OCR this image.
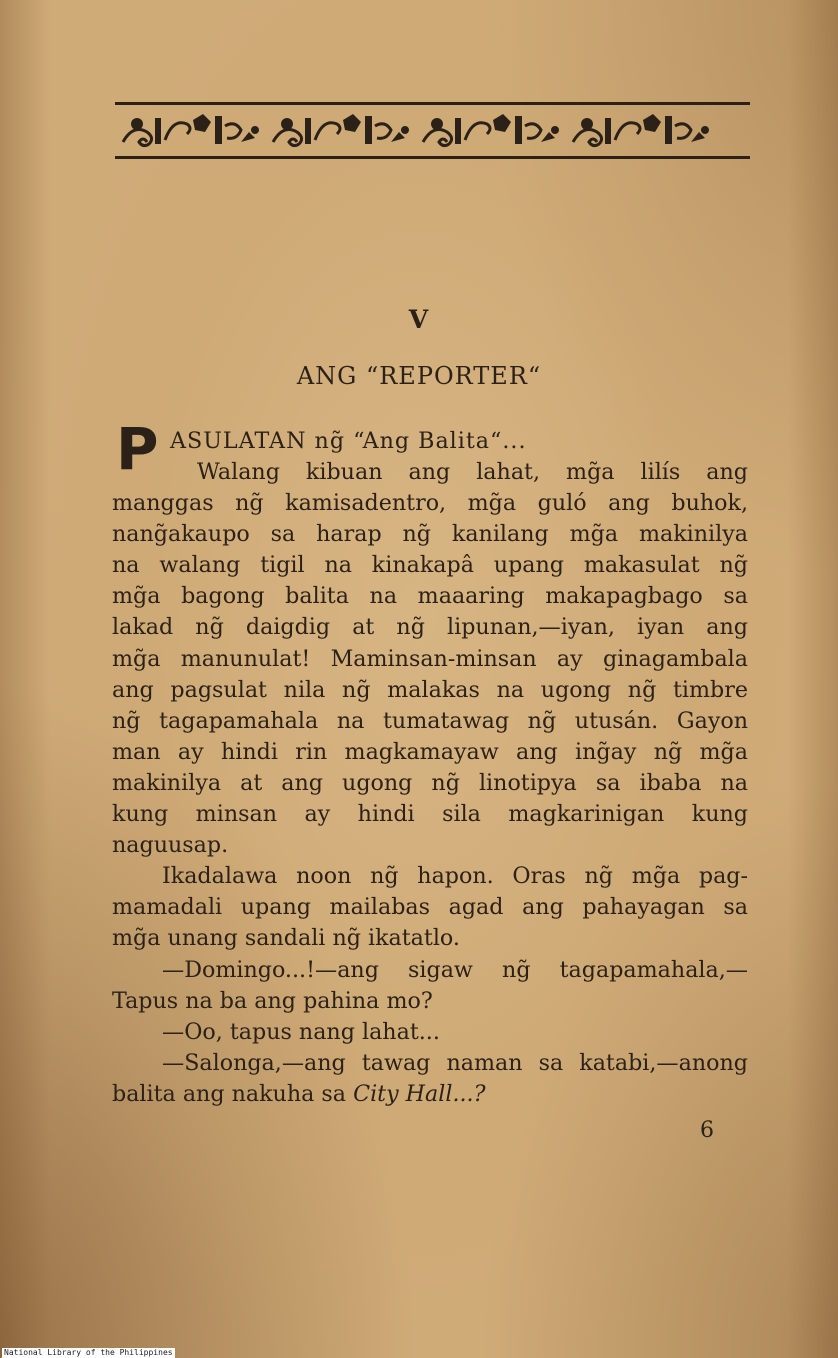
V
ANG “REPORTER“
P ASULATAN ng̃ “Ang Balita“...

Walang kibuan ang lahat, mg̃a lilís ang

manggas ng̃ kamisadentro, mg̃a guló ang buhok,

nang̃akaupo sa harap ng̃ kanilang mg̃a makinilya

na walang tigil na kinakapâ upang makasulat ng̃

mg̃a bagong balita na maaaring makapagbago sa

lakad ng̃ daigdig at ng̃ lipunan,—iyan, iyan ang

mg̃a manunulat! Maminsan-minsan ay ginagambala

ang pagsulat nila ng̃ malakas na ugong ng̃ timbre

ng̃ tagapamahala na tumatawag ng̃ utusán. Gayon

man ay hindi rin magkamayaw ang ing̃ay ng̃ mg̃a

makinilya at ang ugong ng̃ linotipya sa ibaba na

kung minsan ay hindi sila magkarinigan kung

naguusap.

Ikadalawa noon ng̃ hapon. Oras ng̃ mg̃a pag-

mamadali upang mailabas agad ang pahayagan sa

mg̃a unang sandali ng̃ ikatatlo.

—Domingo...!—ang sigaw ng̃ tagapamahala,—

Tapus na ba ang pahina mo?

—Oo, tapus nang lahat...

—Salonga,—ang tawag naman sa katabi,—anong

balita ang nakuha sa City Hall...?

6
National Library of the Philippines
